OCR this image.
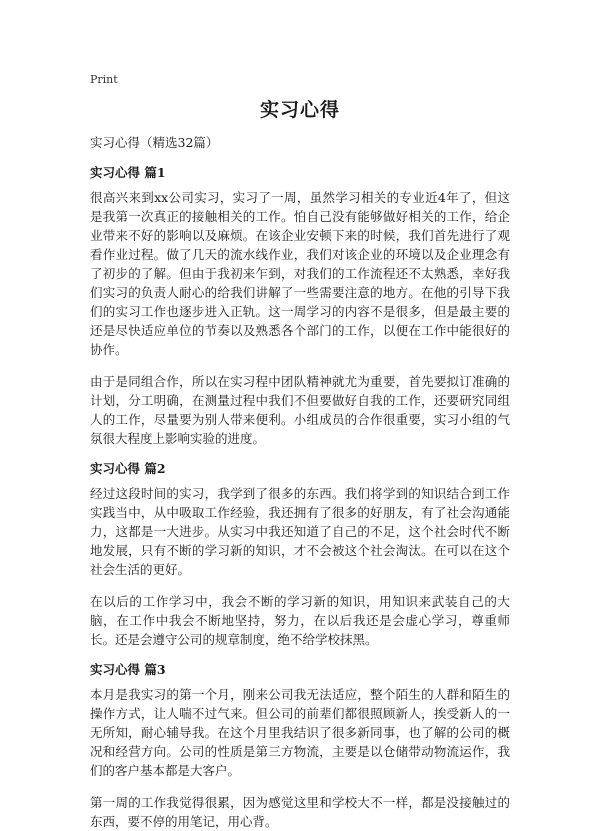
Print
实习心得
实习心得（精选32篇）
实习心得 篇1

很高兴来到xx公司实习，实习了一周，虽然学习相关的专业近4年了，但这是我第一次真正的接触相关的工作。怕自己没有能够做好相关的工作，给企业带来不好的影响以及麻烦。在该企业安顿下来的时候，我们首先进行了观看作业过程。做了几天的流水线作业，我们对该企业的环境以及企业理念有了初步的了解。但由于我初来乍到，对我们的工作流程还不太熟悉，幸好我们实习的负责人耐心的给我们讲解了一些需要注意的地方。在他的引导下我们的实习工作也逐步进入正轨。这一周学习的内容不是很多，但是最主要的还是尽快适应单位的节奏以及熟悉各个部门的工作，以便在工作中能很好的协作。

由于是同组合作，所以在实习程中团队精神就尤为重要，首先要拟订准确的计划，分工明确，在测量过程中我们不但要做好自我的工作，还要研究同组人的工作，尽量要为别人带来便利。小组成员的合作很重要，实习小组的气氛很大程度上影响实验的进度。

实习心得 篇2

经过这段时间的实习，我学到了很多的东西。我们将学到的知识结合到工作实践当中，从中吸取工作经验，我还拥有了很多的好朋友，有了社会沟通能力，这都是一大进步。从实习中我还知道了自己的不足，这个社会时代不断地发展，只有不断的学习新的知识，才不会被这个社会淘汰。在可以在这个社会生活的更好。

在以后的工作学习中，我会不断的学习新的知识，用知识来武装自己的大脑，在工作中我会不断地坚持，努力，在以后我还是会虚心学习，尊重师长。还是会遵守公司的规章制度，绝不给学校抹黑。

实习心得 篇3

本月是我实习的第一个月，刚来公司我无法适应，整个陌生的人群和陌生的操作方式，让人喘不过气来。但公司的前辈们都很照顾新人，挨受新人的一无所知，耐心辅导我。在这个月里我结识了很多新同事，也了解的公司的概况和经营方向。公司的性质是第三方物流，主要是以仓储带动物流运作，我们的客户基本都是大客户。

第一周的工作我觉得很累，因为感觉这里和学校大不一样，都是没接触过的东西，要不停的用笔记，用心背。
